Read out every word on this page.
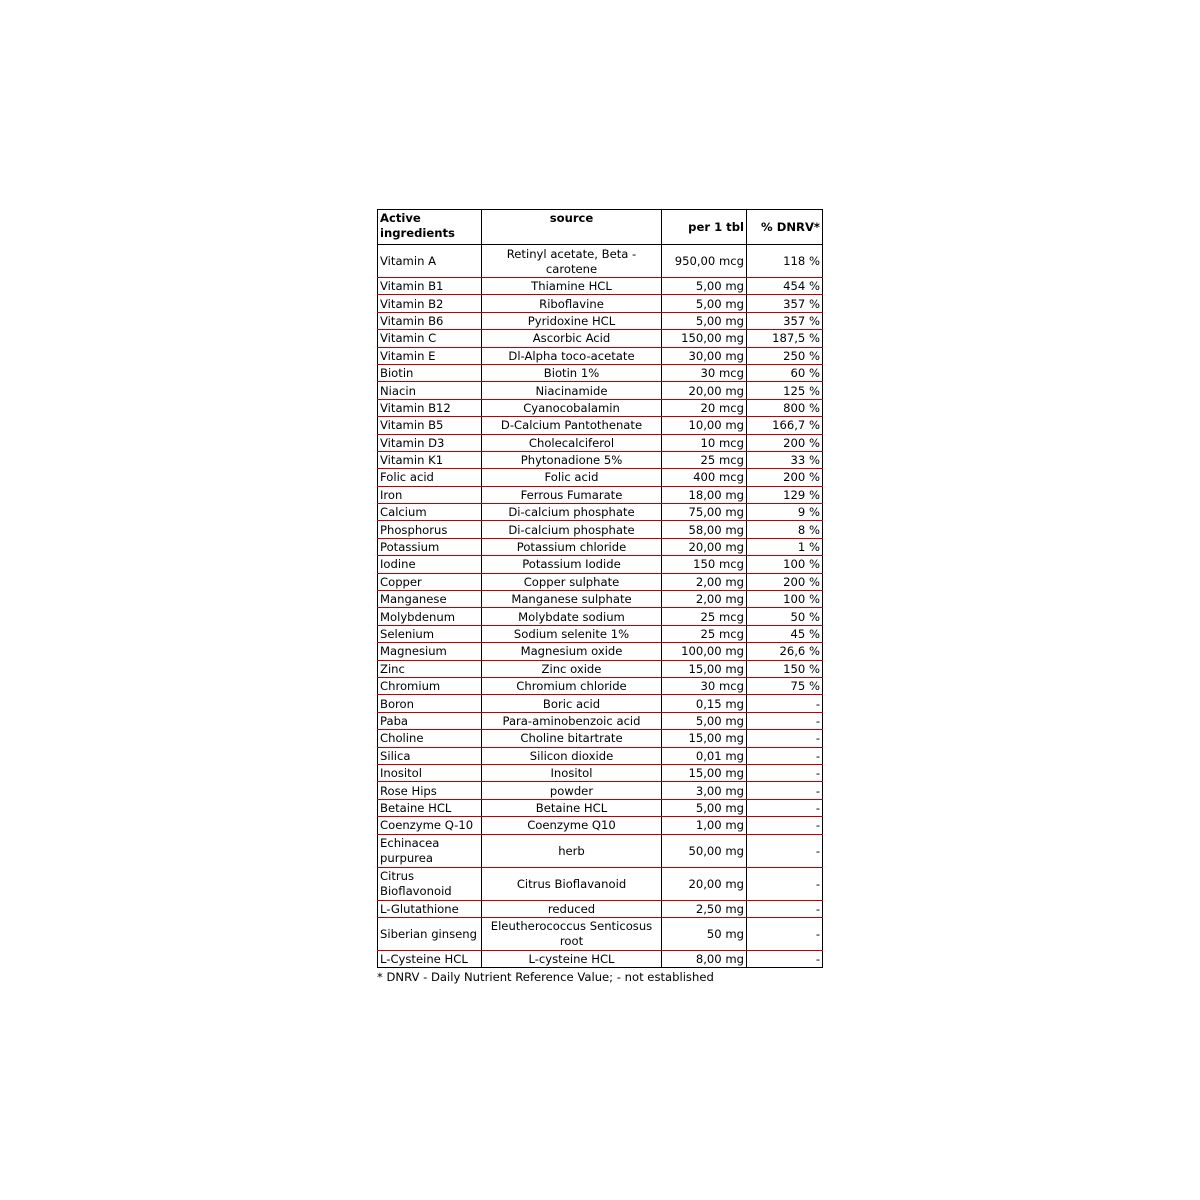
Active ingredients	source	per 1 tbl	% DNRV*
Vitamin A	Retinyl acetate, Beta - carotene	950,00 mcg	118 %
Vitamin B1	Thiamine HCL	5,00 mg	454 %
Vitamin B2	Riboflavine	5,00 mg	357 %
Vitamin B6	Pyridoxine HCL	5,00 mg	357 %
Vitamin C	Ascorbic Acid	150,00 mg	187,5 %
Vitamin E	Dl-Alpha toco-acetate	30,00 mg	250 %
Biotin	Biotin 1%	30 mcg	60 %
Niacin	Niacinamide	20,00 mg	125 %
Vitamin B12	Cyanocobalamin	20 mcg	800 %
Vitamin B5	D-Calcium Pantothenate	10,00 mg	166,7 %
Vitamin D3	Cholecalciferol	10 mcg	200 %
Vitamin K1	Phytonadione 5%	25 mcg	33 %
Folic acid	Folic acid	400 mcg	200 %
Iron	Ferrous Fumarate	18,00 mg	129 %
Calcium	Di-calcium phosphate	75,00 mg	9 %
Phosphorus	Di-calcium phosphate	58,00 mg	8 %
Potassium	Potassium chloride	20,00 mg	1 %
Iodine	Potassium Iodide	150 mcg	100 %
Copper	Copper sulphate	2,00 mg	200 %
Manganese	Manganese sulphate	2,00 mg	100 %
Molybdenum	Molybdate sodium	25 mcg	50 %
Selenium	Sodium selenite 1%	25 mcg	45 %
Magnesium	Magnesium oxide	100,00 mg	26,6 %
Zinc	Zinc oxide	15,00 mg	150 %
Chromium	Chromium chloride	30 mcg	75 %
Boron	Boric acid	0,15 mg	-
Paba	Para-aminobenzoic acid	5,00 mg	-
Choline	Choline bitartrate	15,00 mg	-
Silica	Silicon dioxide	0,01 mg	-
Inositol	Inositol	15,00 mg	-
Rose Hips	powder	3,00 mg	-
Betaine HCL	Betaine HCL	5,00 mg	-
Coenzyme Q-10	Coenzyme Q10	1,00 mg	-
Echinacea purpurea	herb	50,00 mg	-
Citrus Bioflavonoid	Citrus Bioflavanoid	20,00 mg	-
L-Glutathione	reduced	2,50 mg	-
Siberian ginseng	Eleutherococcus Senticosus root	50 mg	-
L-Cysteine HCL	L-cysteine HCL	8,00 mg	-
* DNRV - Daily Nutrient Reference Value; - not established
